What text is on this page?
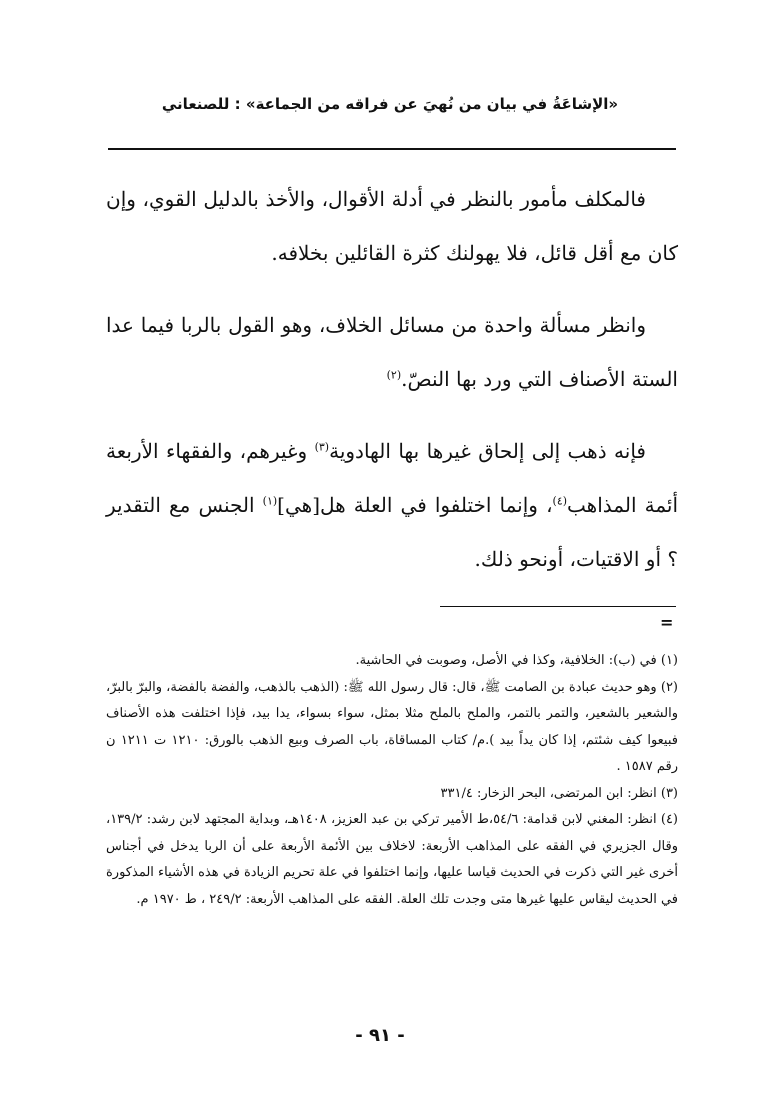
«الإشاعَةُ في بيان من نُهيَ عن فراقه من الجماعة» : للصنعاني

فالمكلف مأمور بالنظر في أدلة الأقوال، والأخذ بالدليل القوي، وإن كان مع أقل قائل، فلا يهولنك كثرة القائلين بخلافه.

وانظر مسألة واحدة من مسائل الخلاف، وهو القول بالربا فيما عدا الستة الأصناف التي ورد بها النصّ.$^{(٢)}$

فإنه ذهب إلى إلحاق غيرها بها الهادوية$^{(٣)}$ وغيرهم، والفقهاء الأربعة أئمة المذاهب$^{(٤)}$، وإنما اختلفوا في العلة هل[هي]$^{(١)}$ الجنس مع التقدير ؟ أو الاقتيات، أونحو ذلك.

=

(١) في (ب): الخلافية، وكذا في الأصل، وصوبت في الحاشية.

(٢) وهو حديث عبادة بن الصامت ﷺ، قال: قال رسول الله ﷺ: (الذهب بالذهب، والفضة بالفضة، والبرّ بالبرّ، والشعير بالشعير، والتمر بالتمر، والملح بالملح مثلا بمثل، سواء بسواء، يدا بيد، فإذا اختلفت هذه الأصناف فبيعوا كيف شئتم، إذا كان يداً بيد ).م/ كتاب المساقاة، باب الصرف وبيع الذهب بالورق: ١٢١٠ ت ١٢١١ ن رقم ١٥٨٧ .

(٣) انظر: ابن المرتضى، البحر الزخار: ٣٣١/٤

(٤) انظر: المغني لابن قدامة: ٥٤/٦،ط الأمير تركي بن عبد العزيز، ١٤٠٨هـ، وبداية المجتهد لابن رشد: ١٣٩/٢، وقال الجزيري في الفقه على المذاهب الأربعة: لاخلاف بين الأئمة الأربعة على أن الربا يدخل في أجناس أخرى غير التي ذكرت في الحديث قياسا عليها، وإنما اختلفوا في علة تحريم الزيادة في هذه الأشياء المذكورة في الحديث ليقاس عليها غيرها متى وجدت تلك العلة. الفقه على المذاهب الأربعة: ٢٤٩/٢ ، ط ١٩٧٠ م.

- ٩١ -
